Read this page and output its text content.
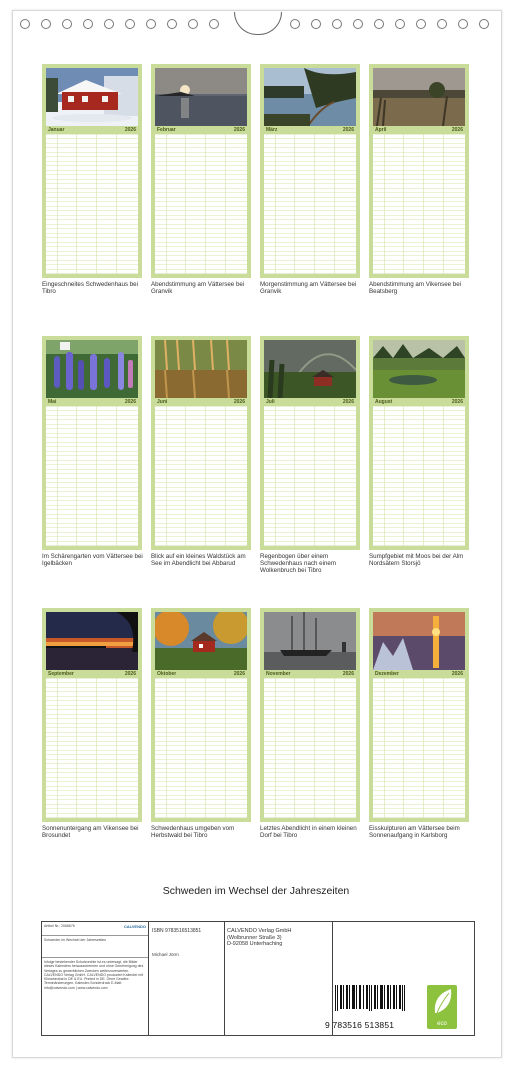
Januar	2026
Eingeschneites Schwedenhaus bei Tibro
Februar	2026
Abendstimmung am Vättersee bei Granvik
März	2026
Morgenstimmung am Vättersee bei Granvik
April	2026
Abendstimmung am Vikensee bei Beatsberg
Mai	2026
Im Schärengarten vom Vättersee bei Igelbäcken
Juni	2026
Blick auf ein kleines Waldstück am See im Abendlicht bei Abbarud
Juli	2026
Regenbogen über einem Schwedenhaus nach einem Wolkenbruch bei Tibro
August	2026
Sumpfgebiet mit Moos bei der Alm Nordsätern Storsjö
September	2026
Sonnenuntergang am Vikensee bei Brosundet
Oktober	2026
Schwedenhaus umgeben vom Herbstwald bei Tibro
November	2026
Letztes Abendlicht in einem kleinen Dorf bei Tibro
Dezember	2026
Eisskulpturen am Vättersee beim Sonnenaufgang in Karlsborg
Schweden im Wechsel der Jahreszeiten
Artikel Nr.: 2066676	CALVENDO
Schweden im Wechsel der Jahreszeiten
Infolge bestehender Schutzrechte ist es untersagt, die Bilder dieses Kalenders herauszutrennen und ohne Genehmigung des Verlages zu gewerblichen Zwecken weiterzuverwerten. CALVENDO Verlag GmbH. CALVENDO produziert Kalender mit Klimaneutral in DE & EU. Printed in DE. Ohne Gewähr: Terminänderungen. Kalender-Sonderdruck E-Mail: info@calvendo.com | www.calvendo.com
ISBN 9783516513851
Michael Jörm
CALVENDO Verlag GmbH
(Wolbrunner Straße 3)
D-92058 Unterhaching
9 783516 513851	eco
